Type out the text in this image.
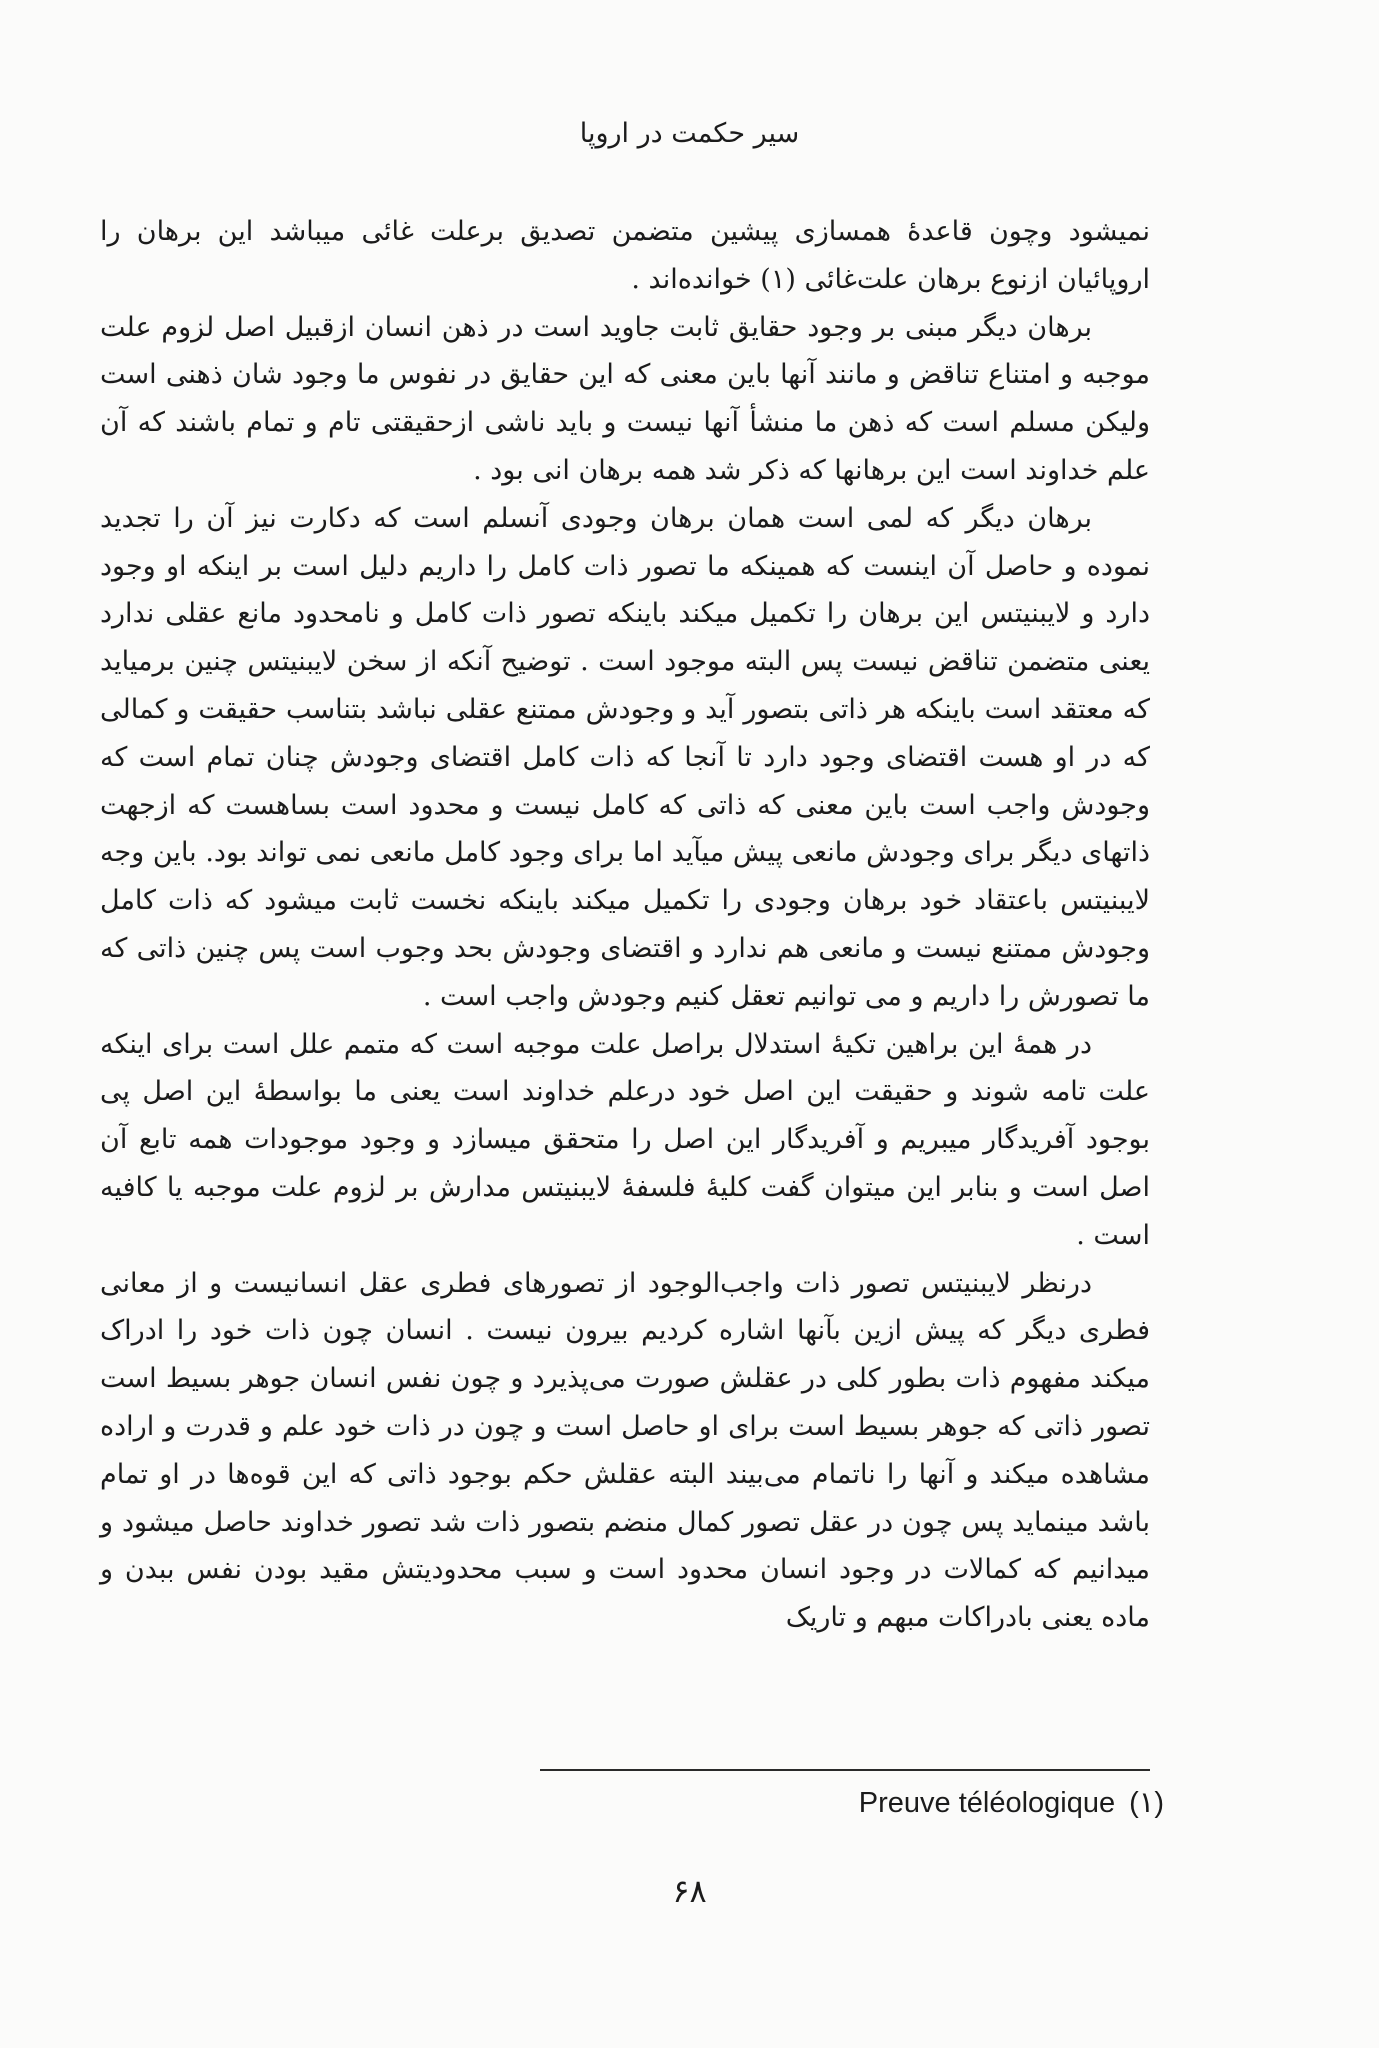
سیر حکمت در اروپا

نمیشود وچون قاعدهٔ همسازی پیشین متضمن تصدیق برعلت غائی میباشد این برهان را اروپائیان ازنوع برهان علت‌غائی (۱) خوانده‌اند .

برهان دیگر مبنی بر وجود حقایق ثابت جاوید است در ذهن انسان ازقبیل اصل لزوم علت موجبه و امتناع تناقض و مانند آنها باین معنی که این حقایق در نفوس ما وجود شان ذهنی است ولیکن مسلم است که ذهن ما منشأ آنها نیست و باید ناشی ازحقیقتی تام و تمام باشند که آن علم خداوند است این برهانها که ذکر شد همه برهان انی بود .

برهان دیگر که لمی است همان برهان وجودی آنسلم است که دکارت نیز آن را تجدید نموده و حاصل آن اینست که همینکه ما تصور ذات کامل را داریم دلیل است بر اینکه او وجود دارد و لایبنیتس این برهان را تکمیل میکند باینکه تصور ذات کامل و نامحدود مانع عقلی ندارد یعنی متضمن تناقض نیست پس البته موجود است . توضیح آنکه از سخن لایبنیتس چنین برمیاید که معتقد است باینکه هر ذاتی بتصور آید و وجودش ممتنع عقلی نباشد بتناسب حقیقت و کمالی که در او هست اقتضای وجود دارد تا آنجا که ذات کامل اقتضای وجودش چنان تمام است که وجودش واجب است باین معنی که ذاتی که کامل نیست و محدود است بساهست که ازجهت ذاتهای دیگر برای وجودش مانعی پیش میآید اما برای وجود کامل مانعی نمی تواند بود. باین وجه لایبنیتس باعتقاد خود برهان وجودی را تکمیل میکند باینکه نخست ثابت میشود که ذات کامل وجودش ممتنع نیست و مانعی هم ندارد و اقتضای وجودش بحد وجوب است پس چنین ذاتی که ما تصورش را داریم و می توانیم تعقل کنیم وجودش واجب است .

در همهٔ این براهین تکیهٔ استدلال براصل علت موجبه است که متمم علل است برای اینکه علت تامه شوند و حقیقت این اصل خود درعلم خداوند است یعنی ما بواسطهٔ این اصل پی بوجود آفریدگار میبریم و آفریدگار این اصل را متحقق میسازد و وجود موجودات همه تابع آن اصل است و بنابر این میتوان گفت کلیهٔ فلسفهٔ لایبنیتس مدارش بر لزوم علت موجبه یا کافیه است .

درنظر لایبنیتس تصور ذات واجب‌الوجود از تصورهای فطری عقل انسانیست و از معانی فطری دیگر که پیش ازین بآنها اشاره کردیم بیرون نیست . انسان چون ذات خود را ادراک میکند مفهوم ذات بطور کلی در عقلش صورت می‌پذیرد و چون نفس انسان جوهر بسیط است تصور ذاتی که جوهر بسیط است برای او حاصل است و چون در ذات خود علم و قدرت و اراده مشاهده میکند و آنها را ناتمام می‌بیند البته عقلش حکم بوجود ذاتی که این قوه‌ها در او تمام باشد مینماید پس چون در عقل تصور کمال منضم بتصور ذات شد تصور خداوند حاصل میشود و میدانیم که کمالات در وجود انسان محدود است و سبب محدودیتش مقید بودن نفس ببدن و ماده یعنی بادراکات مبهم و تاریک

Preuve téléologique (۱)
۶۸
